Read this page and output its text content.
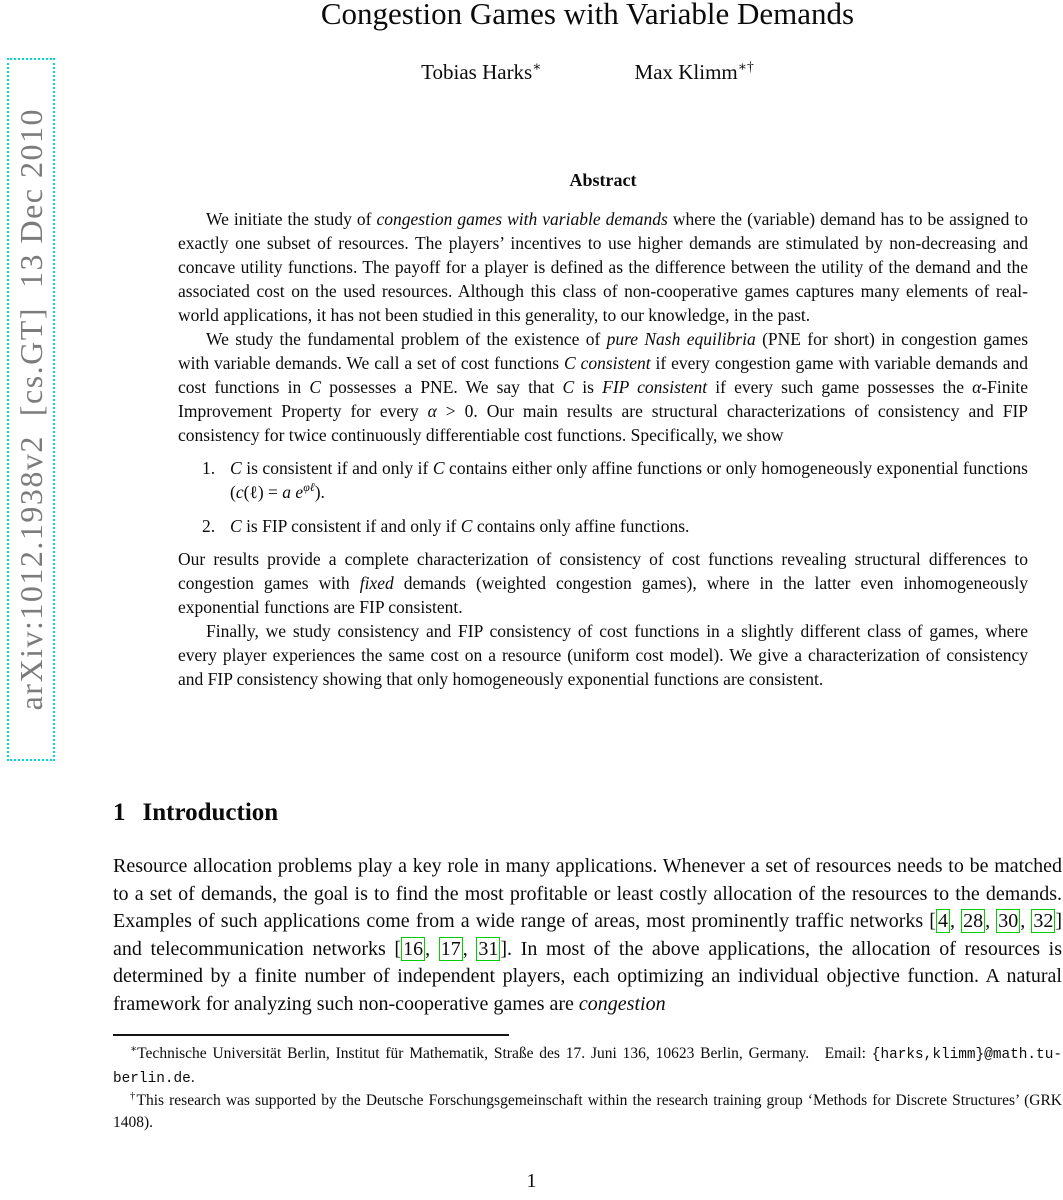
arXiv:1012.1938v2  [cs.GT]  13 Dec 2010
Congestion Games with Variable Demands
Tobias Harks∗	Max Klimm∗†
Abstract

We initiate the study of congestion games with variable demands where the (variable) demand has to be assigned to exactly one subset of resources. The players’ incentives to use higher demands are stimulated by non-decreasing and concave utility functions. The payoff for a player is defined as the difference between the utility of the demand and the associated cost on the used resources. Although this class of non-cooperative games captures many elements of real-world applications, it has not been studied in this generality, to our knowledge, in the past.

We study the fundamental problem of the existence of pure Nash equilibria (PNE for short) in congestion games with variable demands. We call a set of cost functions C consistent if every congestion game with variable demands and cost functions in C possesses a PNE. We say that C is FIP consistent if every such game possesses the α-Finite Improvement Property for every α > 0. Our main results are structural characterizations of consistency and FIP consistency for twice continuously differentiable cost functions. Specifically, we show

1. C is consistent if and only if C contains either only affine functions or only homogeneously exponential functions (c(ℓ) = a $e^{\varphi\ell}$).
2. C is FIP consistent if and only if C contains only affine functions.

Our results provide a complete characterization of consistency of cost functions revealing structural differences to congestion games with fixed demands (weighted congestion games), where in the latter even inhomogeneously exponential functions are FIP consistent.

Finally, we study consistency and FIP consistency of cost functions in a slightly different class of games, where every player experiences the same cost on a resource (uniform cost model). We give a characterization of consistency and FIP consistency showing that only homogeneously exponential functions are consistent.

1 Introduction

Resource allocation problems play a key role in many applications. Whenever a set of resources needs to be matched to a set of demands, the goal is to find the most profitable or least costly allocation of the resources to the demands. Examples of such applications come from a wide range of areas, most prominently traffic networks [ 4 , 28 , 30 , 32 ] and telecommunication networks [ 16 , 17 , 31 ]. In most of the above applications, the allocation of resources is determined by a finite number of independent players, each optimizing an individual objective function. A natural framework for analyzing such non-cooperative games are congestion

∗Technische Universität Berlin, Institut für Mathematik, Straße des 17. Juni 136, 10623 Berlin, Germany.  Email: {harks,klimm}@math.tu-berlin.de.

†This research was supported by the Deutsche Forschungsgemeinschaft within the research training group ‘Methods for Discrete Structures’ (GRK 1408).

1
